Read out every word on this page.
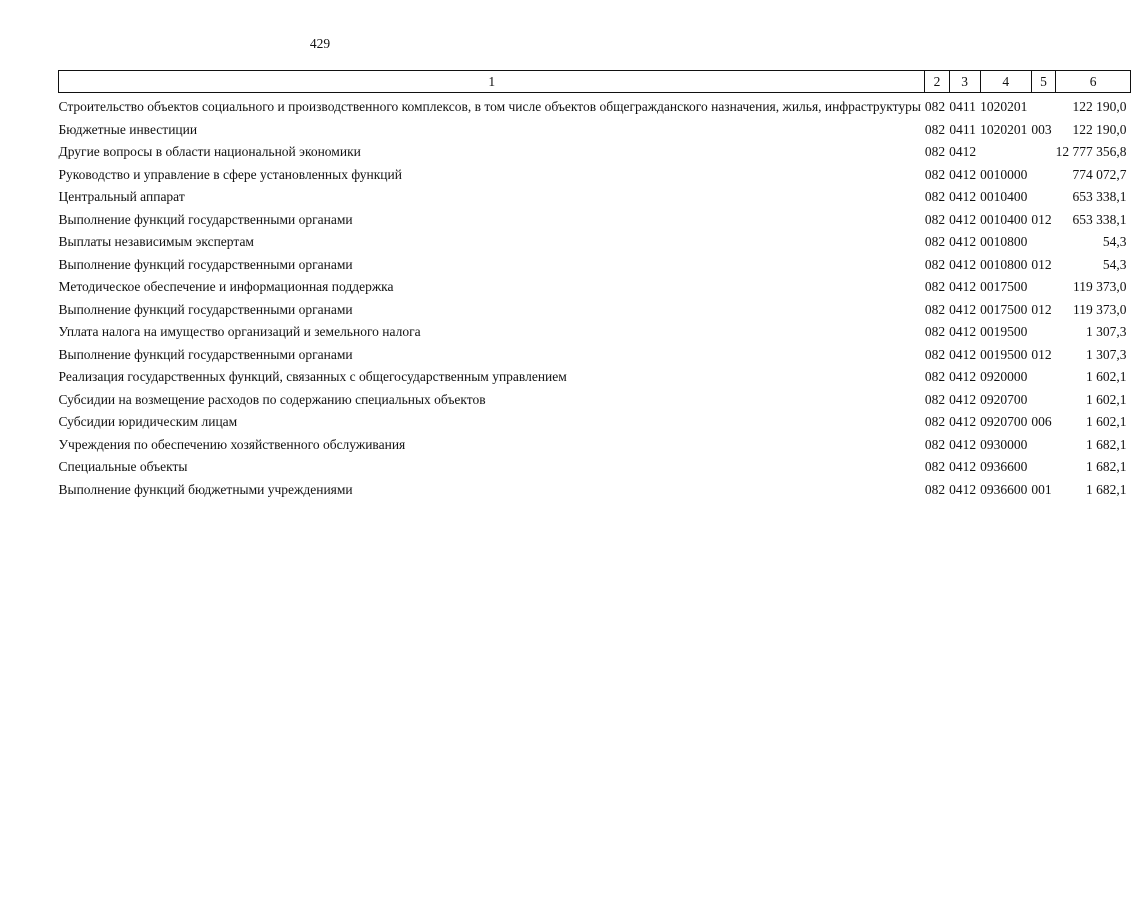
429
1	2	3	4	5	6
Строительство объектов социального и производственного комплексов, в том числе объектов общегражданского назначения, жилья, инфраструктуры	082	0411	1020201		122 190,0
Бюджетные инвестиции	082	0411	1020201	003	122 190,0
Другие вопросы в области национальной экономики	082	0412			12 777 356,8
Руководство и управление в сфере установленных функций	082	0412	0010000		774 072,7
Центральный аппарат	082	0412	0010400		653 338,1
Выполнение функций государственными органами	082	0412	0010400	012	653 338,1
Выплаты независимым экспертам	082	0412	0010800		54,3
Выполнение функций государственными органами	082	0412	0010800	012	54,3
Методическое обеспечение и информационная поддержка	082	0412	0017500		119 373,0
Выполнение функций государственными органами	082	0412	0017500	012	119 373,0
Уплата налога на имущество организаций и земельного налога	082	0412	0019500		1 307,3
Выполнение функций государственными органами	082	0412	0019500	012	1 307,3
Реализация государственных функций, связанных с общегосударственным управлением	082	0412	0920000		1 602,1
Субсидии на возмещение расходов по содержанию специальных объектов	082	0412	0920700		1 602,1
Субсидии юридическим лицам	082	0412	0920700	006	1 602,1
Учреждения по обеспечению хозяйственного обслуживания	082	0412	0930000		1 682,1
Специальные объекты	082	0412	0936600		1 682,1
Выполнение функций бюджетными учреждениями	082	0412	0936600	001	1 682,1
